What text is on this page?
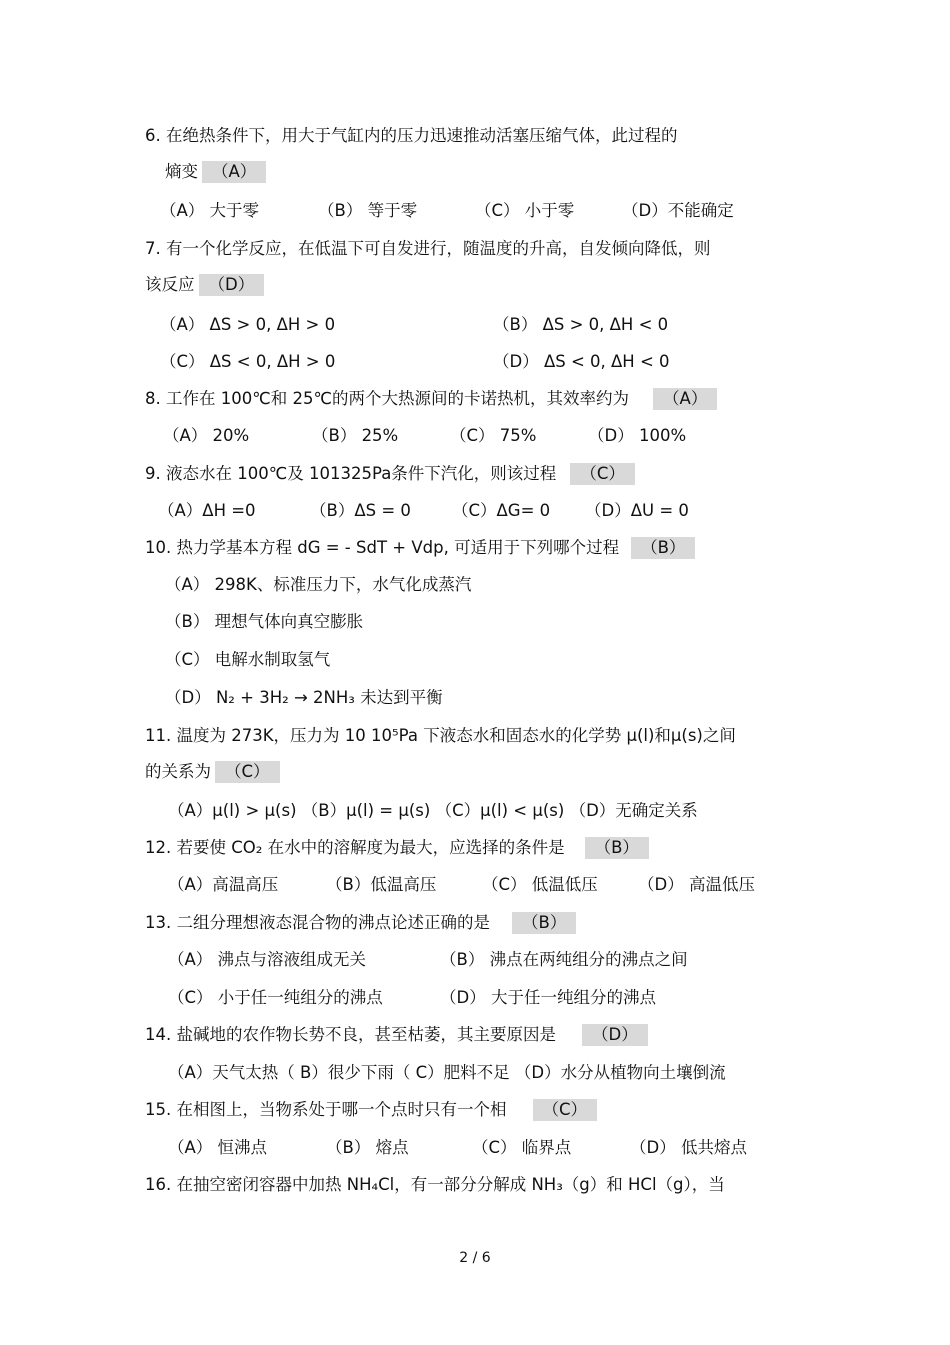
6. 在绝热条件下，用大于气缸内的压力迅速推动活塞压缩气体，此过程的
熵变 （A）
（A） 大于零	（B） 等于零	（C） 小于零	（D）不能确定
7. 有一个化学反应，在低温下可自发进行，随温度的升高，自发倾向降低，则
该反应 （D）
（A） ΔS > 0, ΔH > 0	（B） ΔS > 0, ΔH < 0
（C） ΔS < 0, ΔH > 0	（D） ΔS < 0, ΔH < 0
8. 工作在 100℃和 25℃的两个大热源间的卡诺热机，其效率约为 （A）
（A） 20%	（B） 25%	（C） 75%	（D） 100%
9. 液态水在 100℃及 101325Pa条件下汽化，则该过程 （C）
（A）ΔH =0	（B）ΔS = 0 （C）ΔG= 0 （D）ΔU = 0
10. 热力学基本方程 dG = - SdT + Vdp, 可适用于下列哪个过程 （B）
（A） 298K、标准压力下，水气化成蒸汽
（B） 理想气体向真空膨胀
（C） 电解水制取氢气
（D） N₂ + 3H₂ → 2NH₃ 未达到平衡
11. 温度为 273K，压力为 10 10⁵Pa 下液态水和固态水的化学势 μ(l)和μ(s)之间
的关系为 （C）
（A）μ(l) > μ(s) （B）μ(l) = μ(s) （C）μ(l) < μ(s) （D）无确定关系
12. 若要使 CO₂ 在水中的溶解度为最大，应选择的条件是 （B）
（A）高温高压	（B）低温高压	（C） 低温低压 （D） 高温低压
13. 二组分理想液态混合物的沸点论述正确的是 （B）
（A） 沸点与溶液组成无关	（B） 沸点在两纯组分的沸点之间
（C） 小于任一纯组分的沸点	（D） 大于任一纯组分的沸点
14. 盐碱地的农作物长势不良，甚至枯萎，其主要原因是 （D）
（A）天气太热（ B）很少下雨（ C）肥料不足 （D）水分从植物向土壤倒流
15. 在相图上，当物系处于哪一个点时只有一个相 （C）
（A） 恒沸点	（B） 熔点	（C） 临界点	（D） 低共熔点
16. 在抽空密闭容器中加热 NH₄Cl，有一部分分解成 NH₃（g）和 HCl（g），当
2 / 6
